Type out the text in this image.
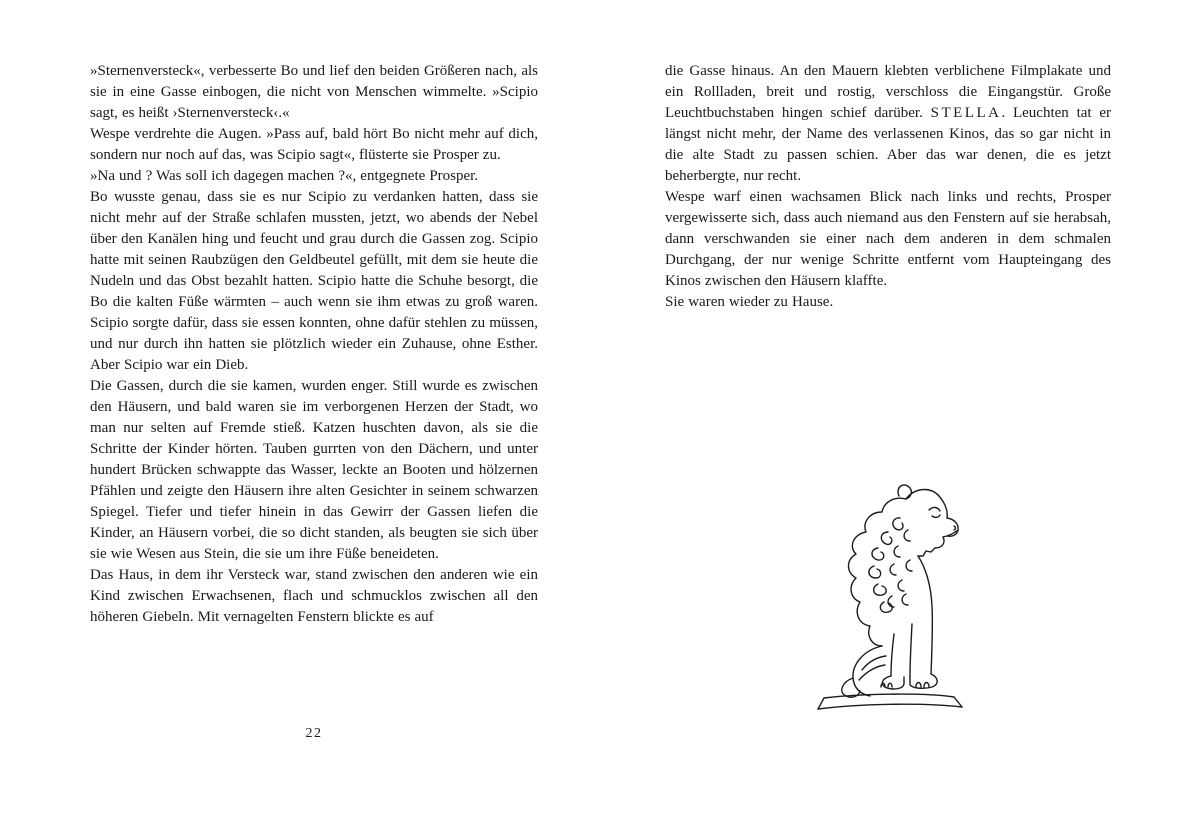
»Sternenversteck«, verbesserte Bo und lief den beiden Größeren nach, als sie in eine Gasse einbogen, die nicht von Menschen wimmelte. »Scipio sagt, es heißt ›Sternenversteck‹.«

Wespe verdrehte die Augen. »Pass auf, bald hört Bo nicht mehr auf dich, sondern nur noch auf das, was Scipio sagt«, flüsterte sie Prosper zu.

»Na und ? Was soll ich dagegen machen ?«, entgegnete Prosper.

Bo wusste genau, dass sie es nur Scipio zu verdanken hatten, dass sie nicht mehr auf der Straße schlafen mussten, jetzt, wo abends der Nebel über den Kanälen hing und feucht und grau durch die Gassen zog. Scipio hatte mit seinen Raubzügen den Geldbeutel gefüllt, mit dem sie heute die Nudeln und das Obst bezahlt hatten. Scipio hatte die Schuhe besorgt, die Bo die kalten Füße wärmten – auch wenn sie ihm etwas zu groß waren. Scipio sorgte dafür, dass sie essen konnten, ohne dafür stehlen zu müssen, und nur durch ihn hatten sie plötzlich wieder ein Zuhause, ohne Esther. Aber Scipio war ein Dieb.

Die Gassen, durch die sie kamen, wurden enger. Still wurde es zwischen den Häusern, und bald waren sie im verborgenen Herzen der Stadt, wo man nur selten auf Fremde stieß. Katzen huschten davon, als sie die Schritte der Kinder hörten. Tauben gurrten von den Dächern, und unter hundert Brücken schwappte das Wasser, leckte an Booten und hölzernen Pfählen und zeigte den Häusern ihre alten Gesichter in seinem schwarzen Spiegel. Tiefer und tiefer hinein in das Gewirr der Gassen liefen die Kinder, an Häusern vorbei, die so dicht standen, als beugten sie sich über sie wie Wesen aus Stein, die sie um ihre Füße beneideten.

Das Haus, in dem ihr Versteck war, stand zwischen den anderen wie ein Kind zwischen Erwachsenen, flach und schmucklos zwischen all den höheren Giebeln. Mit vernagelten Fenstern blickte es auf

die Gasse hinaus. An den Mauern klebten verblichene Filmplakate und ein Rollladen, breit und rostig, verschloss die Eingangstür. Große Leuchtbuchstaben hingen schief darüber. STELLA. Leuchten tat er längst nicht mehr, der Name des verlassenen Kinos, das so gar nicht in die alte Stadt zu passen schien. Aber das war denen, die es jetzt beherbergte, nur recht.

Wespe warf einen wachsamen Blick nach links und rechts, Prosper vergewisserte sich, dass auch niemand aus den Fenstern auf sie herabsah, dann verschwanden sie einer nach dem anderen in dem schmalen Durchgang, der nur wenige Schritte entfernt vom Haupteingang des Kinos zwischen den Häusern klaffte.

Sie waren wieder zu Hause.

22
